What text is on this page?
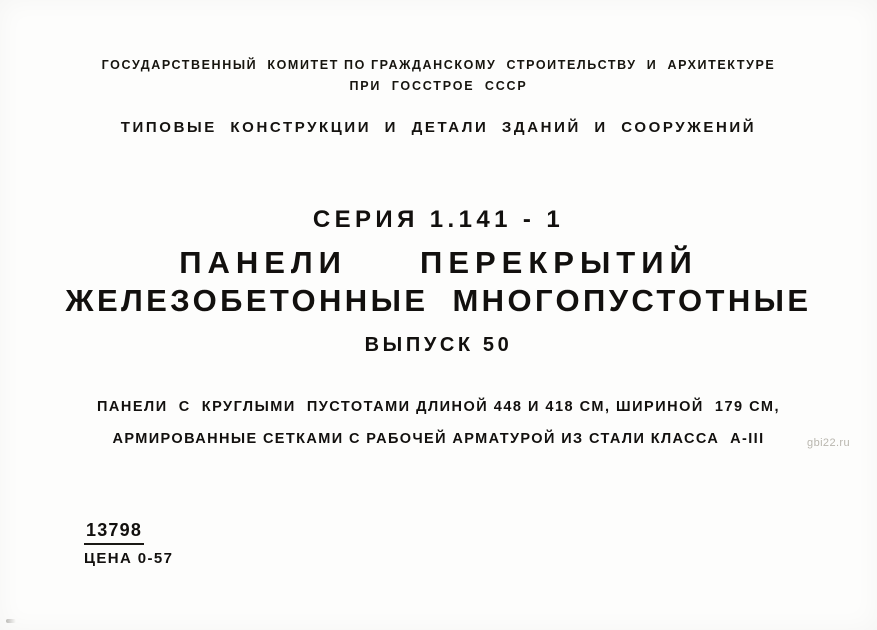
ГОСУДАРСТВЕННЫЙ  КОМИТЕТ ПО ГРАЖДАНСКОМУ  СТРОИТЕЛЬСТВУ  И  АРХИТЕКТУРЕ
ПРИ  ГОССТРОЕ  СССР
ТИПОВЫЕ  КОНСТРУКЦИИ  И  ДЕТАЛИ  ЗДАНИЙ  И  СООРУЖЕНИЙ
СЕРИЯ 1.141 - 1
ПАНЕЛИ     ПЕРЕКРЫТИЙ
ЖЕЛЕЗОБЕТОННЫЕ  МНОГОПУСТОТНЫЕ
ВЫПУСК 50
ПАНЕЛИ  С  КРУГЛЫМИ  ПУСТОТАМИ ДЛИНОЙ 448 И 418 СМ, ШИРИНОЙ  179 СМ,
АРМИРОВАННЫЕ СЕТКАМИ С РАБОЧЕЙ АРМАТУРОЙ ИЗ СТАЛИ КЛАССА  А-III
13798
ЦЕНА 0-57
gbi22.ru
